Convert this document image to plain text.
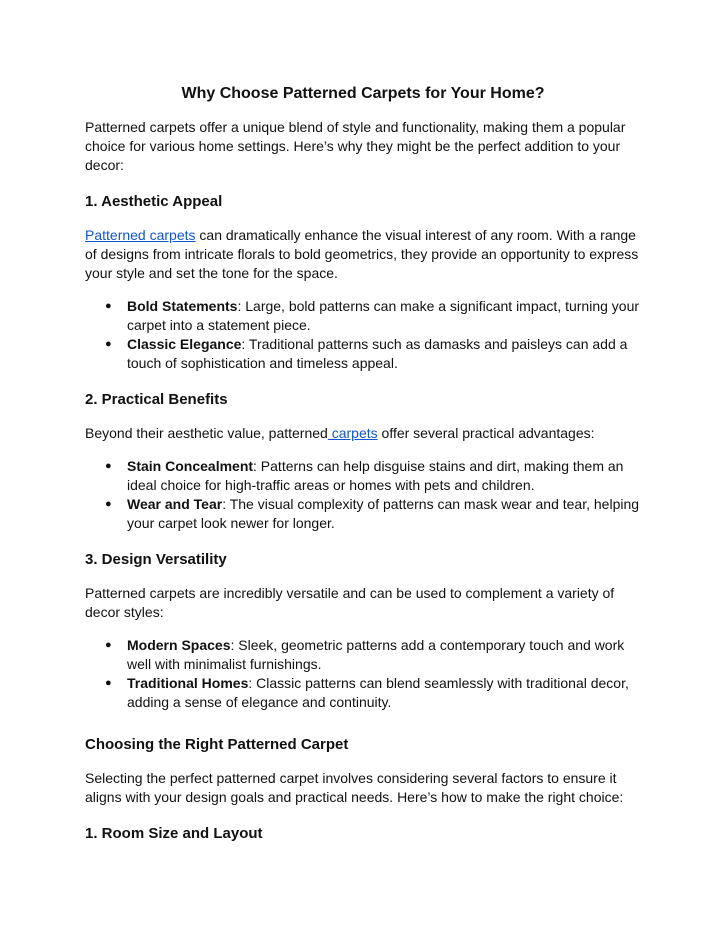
Why Choose Patterned Carpets for Your Home?

Patterned carpets offer a unique blend of style and functionality, making them a popular choice for various home settings. Here’s why they might be the perfect addition to your decor:

1. Aesthetic Appeal

Patterned carpets can dramatically enhance the visual interest of any room. With a range of designs from intricate florals to bold geometrics, they provide an opportunity to express your style and set the tone for the space.

● Bold Statements: Large, bold patterns can make a significant impact, turning your carpet into a statement piece.
● Classic Elegance: Traditional patterns such as damasks and paisleys can add a touch of sophistication and timeless appeal.
2. Practical Benefits

Beyond their aesthetic value, patterned carpets offer several practical advantages:

● Stain Concealment: Patterns can help disguise stains and dirt, making them an ideal choice for high-traffic areas or homes with pets and children.
● Wear and Tear: The visual complexity of patterns can mask wear and tear, helping your carpet look newer for longer.
3. Design Versatility

Patterned carpets are incredibly versatile and can be used to complement a variety of decor styles:

● Modern Spaces: Sleek, geometric patterns add a contemporary touch and work well with minimalist furnishings.
● Traditional Homes: Classic patterns can blend seamlessly with traditional decor, adding a sense of elegance and continuity.
Choosing the Right Patterned Carpet

Selecting the perfect patterned carpet involves considering several factors to ensure it aligns with your design goals and practical needs. Here’s how to make the right choice:

1. Room Size and Layout
